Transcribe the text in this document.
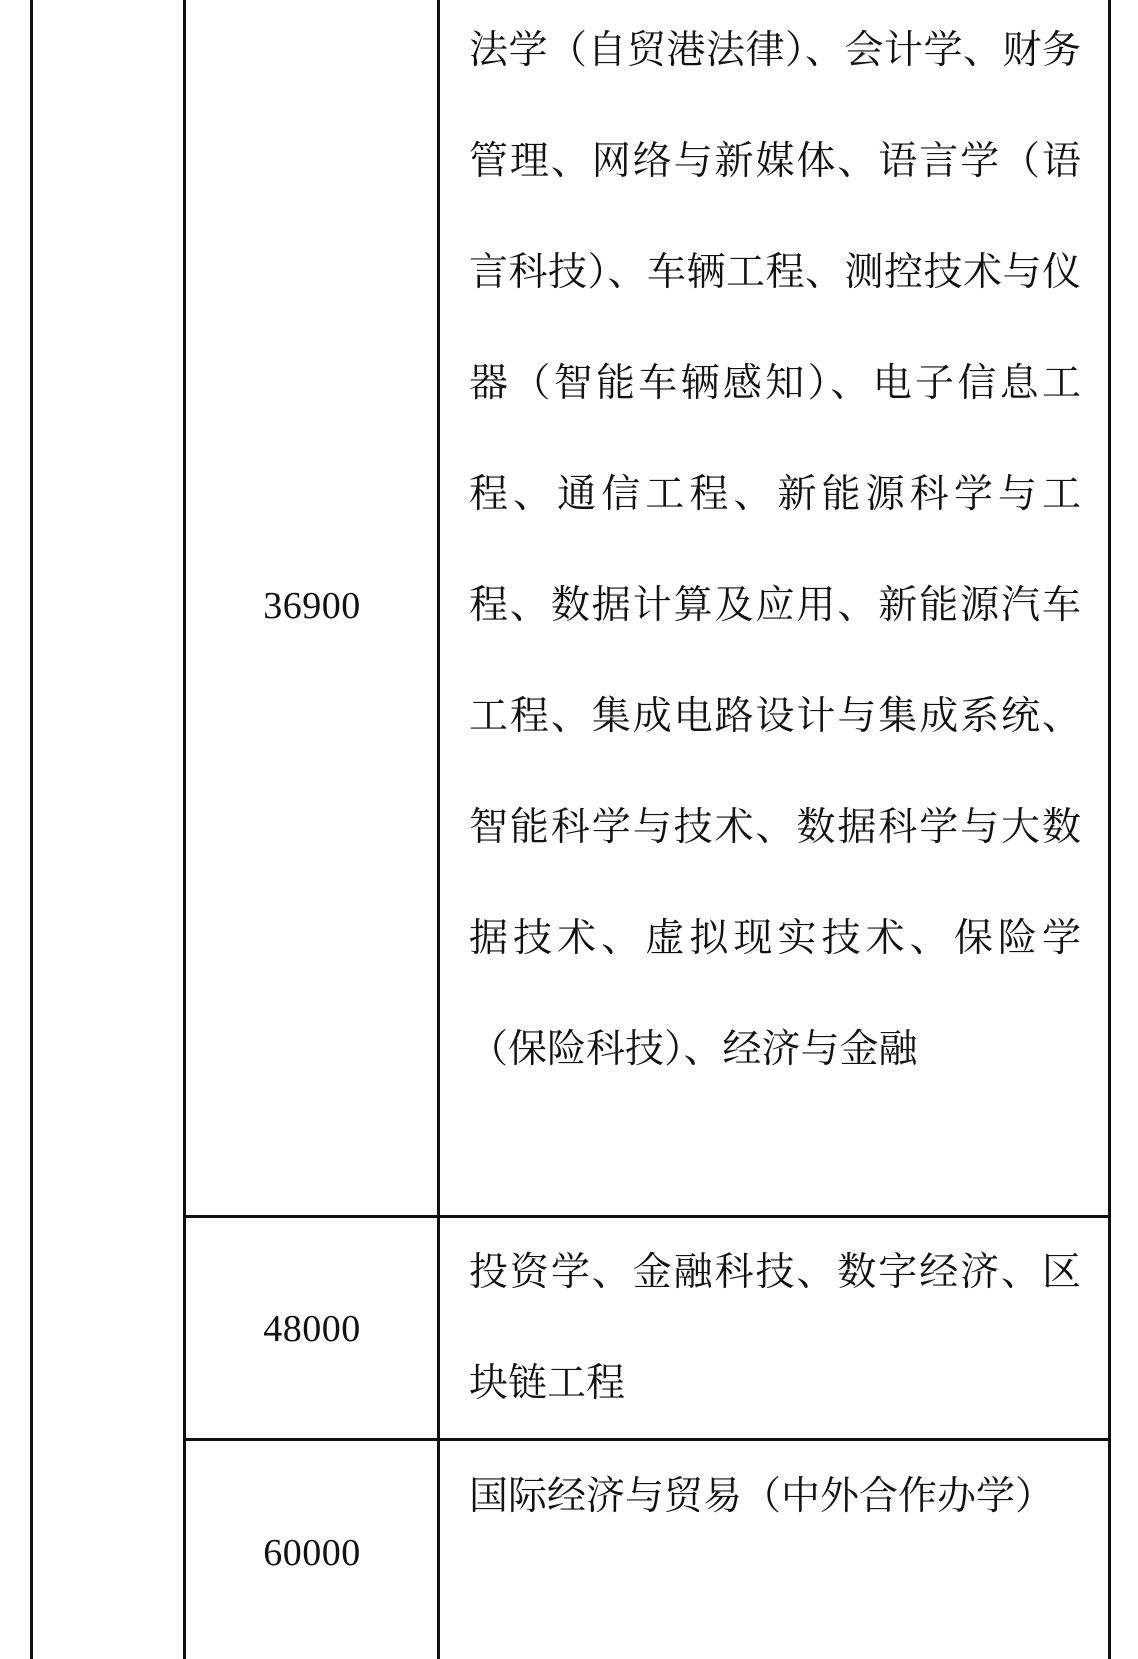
36900

法学（自贸港法律）、会计学、财务管理、网络与新媒体、语言学（语言科技）、车辆工程、测控技术与仪器（智能车辆感知）、电子信息工程、通信工程、新能源科学与工程、数据计算及应用、新能源汽车工程、集成电路设计与集成系统、智能科学与技术、数据科学与大数据技术、虚拟现实技术、保险学（保险科技）、经济与金融

48000

投资学、金融科技、数字经济、区块链工程

60000

国际经济与贸易（中外合作办学）
